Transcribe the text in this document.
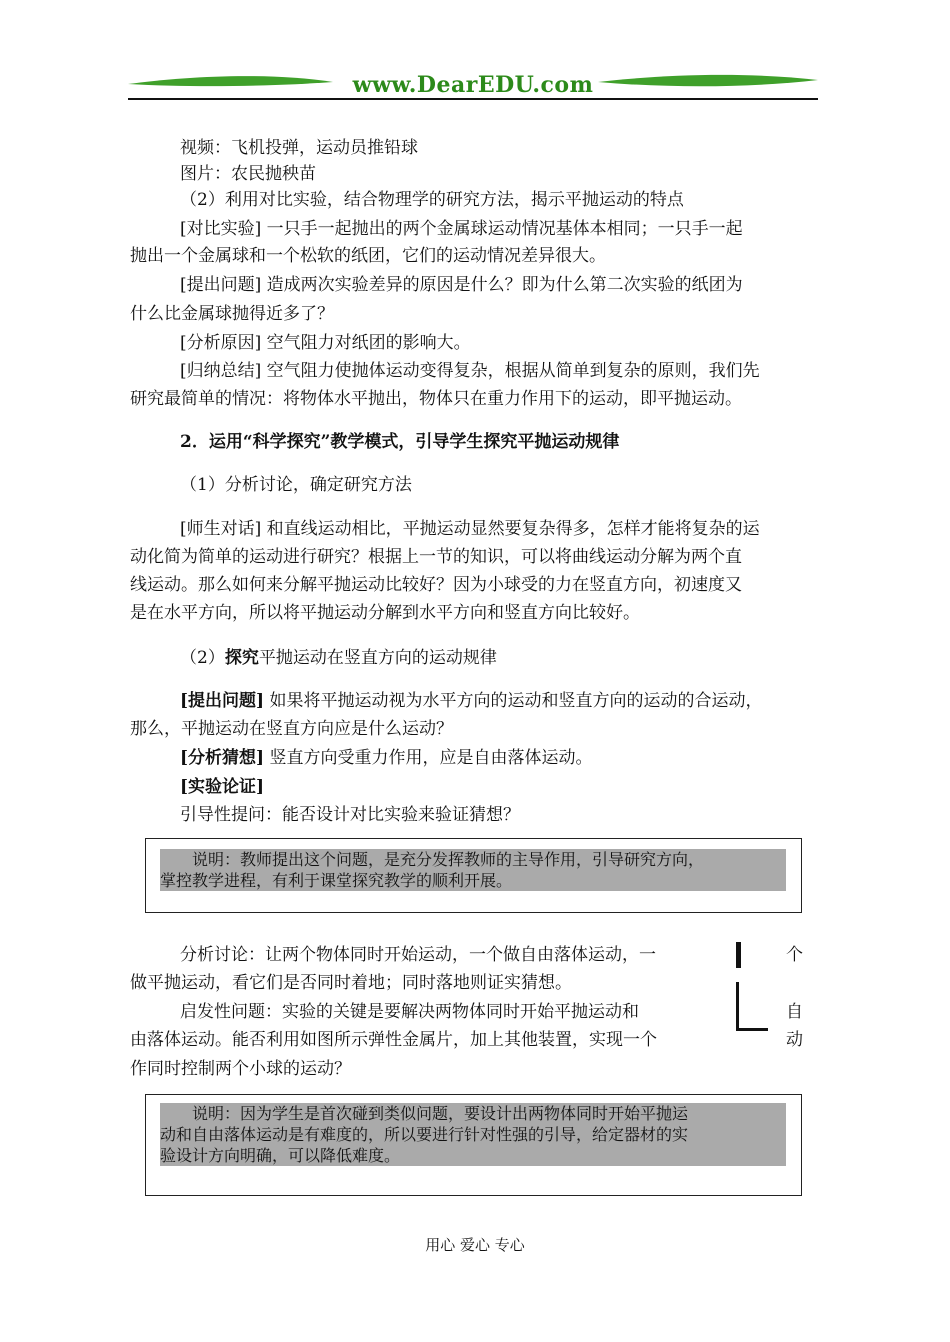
www.DearEDU.com
视频：飞机投弹，运动员推铅球
图片：农民抛秧苗
（2）利用对比实验，结合物理学的研究方法，揭示平抛运动的特点
[对比实验] 一只手一起抛出的两个金属球运动情况基体本相同；一只手一起
抛出一个金属球和一个松软的纸团，它们的运动情况差异很大。
[提出问题] 造成两次实验差异的原因是什么？即为什么第二次实验的纸团为
什么比金属球抛得近多了？
[分析原因] 空气阻力对纸团的影响大。
[归纳总结] 空气阻力使抛体运动变得复杂，根据从简单到复杂的原则，我们先
研究最简单的情况：将物体水平抛出，物体只在重力作用下的运动，即平抛运动。
2．运用“科学探究”教学模式，引导学生探究平抛运动规律
（1）分析讨论，确定研究方法
[师生对话] 和直线运动相比，平抛运动显然要复杂得多，怎样才能将复杂的运
动化简为简单的运动进行研究？根据上一节的知识，可以将曲线运动分解为两个直
线运动。那么如何来分解平抛运动比较好？因为小球受的力在竖直方向，初速度又
是在水平方向，所以将平抛运动分解到水平方向和竖直方向比较好。
（2）探究平抛运动在竖直方向的运动规律
[提出问题] 如果将平抛运动视为水平方向的运动和竖直方向的运动的合运动，
那么，平抛运动在竖直方向应是什么运动？
[分析猜想] 竖直方向受重力作用，应是自由落体运动。
[实验论证]
引导性提问：能否设计对比实验来验证猜想？
　　说明：教师提出这个问题，是充分发挥教师的主导作用，引导研究方向，
掌控教学进程，有利于课堂探究教学的顺利开展。
分析讨论：让两个物体同时开始运动，一个做自由落体运动，一
做平抛运动，看它们是否同时着地；同时落地则证实猜想。
启发性问题：实验的关键是要解决两物体同时开始平抛运动和
由落体运动。能否利用如图所示弹性金属片，加上其他装置，实现一个
作同时控制两个小球的运动？
个
自
动
　　说明：因为学生是首次碰到类似问题，要设计出两物体同时开始平抛运
动和自由落体运动是有难度的，所以要进行针对性强的引导，给定器材的实
验设计方向明确，可以降低难度。
用心 爱心 专心
